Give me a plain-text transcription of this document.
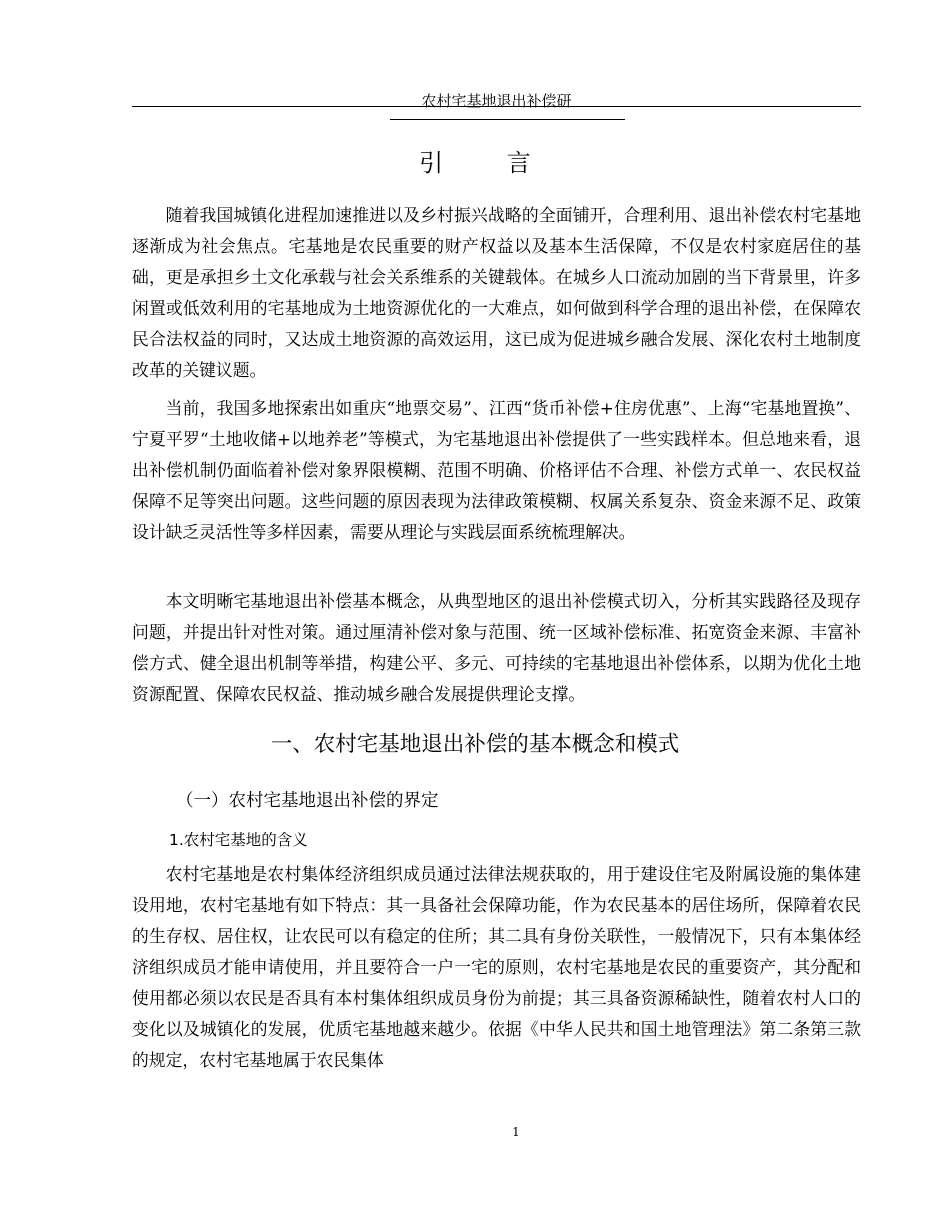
农村宅基地退出补偿研
引 言

随着我国城镇化进程加速推进以及乡村振兴战略的全面铺开，合理利用、退出补偿农村宅基地逐渐成为社会焦点。宅基地是农民重要的财产权益以及基本生活保障，不仅是农村家庭居住的基础，更是承担乡土文化承载与社会关系维系的关键载体。在城乡人口流动加剧的当下背景里，许多闲置或低效利用的宅基地成为土地资源优化的一大难点，如何做到科学合理的退出补偿，在保障农民合法权益的同时，又达成土地资源的高效运用，这已成为促进城乡融合发展、深化农村土地制度改革的关键议题。

当前，我国多地探索出如重庆“地票交易”、江西“货币补偿+住房优惠”、上海“宅基地置换”、宁夏平罗“土地收储+以地养老”等模式，为宅基地退出补偿提供了一些实践样本。但总地来看，退出补偿机制仍面临着补偿对象界限模糊、范围不明确、价格评估不合理、补偿方式单一、农民权益保障不足等突出问题。这些问题的原因表现为法律政策模糊、权属关系复杂、资金来源不足、政策设计缺乏灵活性等多样因素，需要从理论与实践层面系统梳理解决。

本文明晰宅基地退出补偿基本概念，从典型地区的退出补偿模式切入，分析其实践路径及现存问题，并提出针对性对策。通过厘清补偿对象与范围、统一区域补偿标准、拓宽资金来源、丰富补偿方式、健全退出机制等举措，构建公平、多元、可持续的宅基地退出补偿体系，以期为优化土地资源配置、保障农民权益、推动城乡融合发展提供理论支撑。

一、农村宅基地退出补偿的基本概念和模式
（一）农村宅基地退出补偿的界定
1.农村宅基地的含义

农村宅基地是农村集体经济组织成员通过法律法规获取的，用于建设住宅及附属设施的集体建设用地，农村宅基地有如下特点：其一具备社会保障功能，作为农民基本的居住场所，保障着农民的生存权、居住权，让农民可以有稳定的住所；其二具有身份关联性，一般情况下，只有本集体经济组织成员才能申请使用，并且要符合一户一宅的原则，农村宅基地是农民的重要资产，其分配和使用都必须以农民是否具有本村集体组织成员身份为前提；其三具备资源稀缺性，随着农村人口的变化以及城镇化的发展，优质宅基地越来越少。依据《中华人民共和国土地管理法》第二条第三款的规定，农村宅基地属于农民集体

1
